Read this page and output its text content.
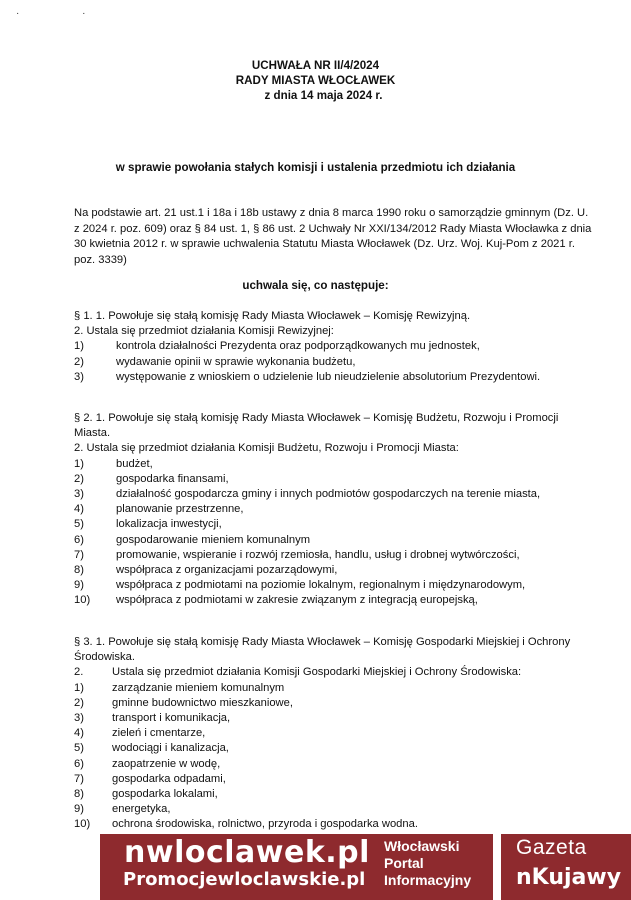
· ·
UCHWAŁA NR II/4/2024
RADY MIASTA WŁOCŁAWEK
z dnia 14 maja 2024 r.
w sprawie powołania stałych komisji i ustalenia przedmiotu ich działania
Na podstawie art. 21 ust.1 i 18a i 18b ustawy z dnia 8 marca 1990 roku o samorządzie gminnym (Dz. U.
z 2024 r. poz. 609) oraz § 84 ust. 1, § 86 ust. 2 Uchwały Nr XXI/134/2012 Rady Miasta Włocławka z dnia
30 kwietnia 2012 r. w sprawie uchwalenia Statutu Miasta Włocławek (Dz. Urz. Woj. Kuj-Pom z 2021 r.
poz. 3339)
uchwala się, co następuje:
§ 1. 1. Powołuje się stałą komisję Rady Miasta Włocławek – Komisję Rewizyjną.
2. Ustala się przedmiot działania Komisji Rewizyjnej:
1)	kontrola działalności Prezydenta oraz podporządkowanych mu jednostek,
2)	wydawanie opinii w sprawie wykonania budżetu,
3)	występowanie z wnioskiem o udzielenie lub nieudzielenie absolutorium Prezydentowi.
§ 2. 1. Powołuje się stałą komisję Rady Miasta Włocławek – Komisję Budżetu, Rozwoju i Promocji
Miasta.
2. Ustala się przedmiot działania Komisji Budżetu, Rozwoju i Promocji Miasta:
1)	budżet,
2)	gospodarka finansami,
3)	działalność gospodarcza gminy i innych podmiotów gospodarczych na terenie miasta,
4)	planowanie przestrzenne,
5)	lokalizacja inwestycji,
6)	gospodarowanie mieniem komunalnym
7)	promowanie, wspieranie i rozwój rzemiosła, handlu, usług i drobnej wytwórczości,
8)	współpraca z organizacjami pozarządowymi,
9)	współpraca z podmiotami na poziomie lokalnym, regionalnym i międzynarodowym,
10)	współpraca z podmiotami w zakresie związanym z integracją europejską,
§ 3. 1. Powołuje się stałą komisję Rady Miasta Włocławek – Komisję Gospodarki Miejskiej i Ochrony
Środowiska.
2.	Ustala się przedmiot działania Komisji Gospodarki Miejskiej i Ochrony Środowiska:
1)	zarządzanie mieniem komunalnym
2)	gminne budownictwo mieszkaniowe,
3)	transport i komunikacja,
4)	zieleń i cmentarze,
5)	wodociągi i kanalizacja,
6)	zaopatrzenie w wodę,
7)	gospodarka odpadami,
8)	gospodarka lokalami,
9)	energetyka,
10)	ochrona środowiska, rolnictwo, przyroda i gospodarka wodna.
nwloclawek.pl
Promocjewloclawskie.pl
Włocławski
Portal
Informacyjny
Gazeta
nKujawy
